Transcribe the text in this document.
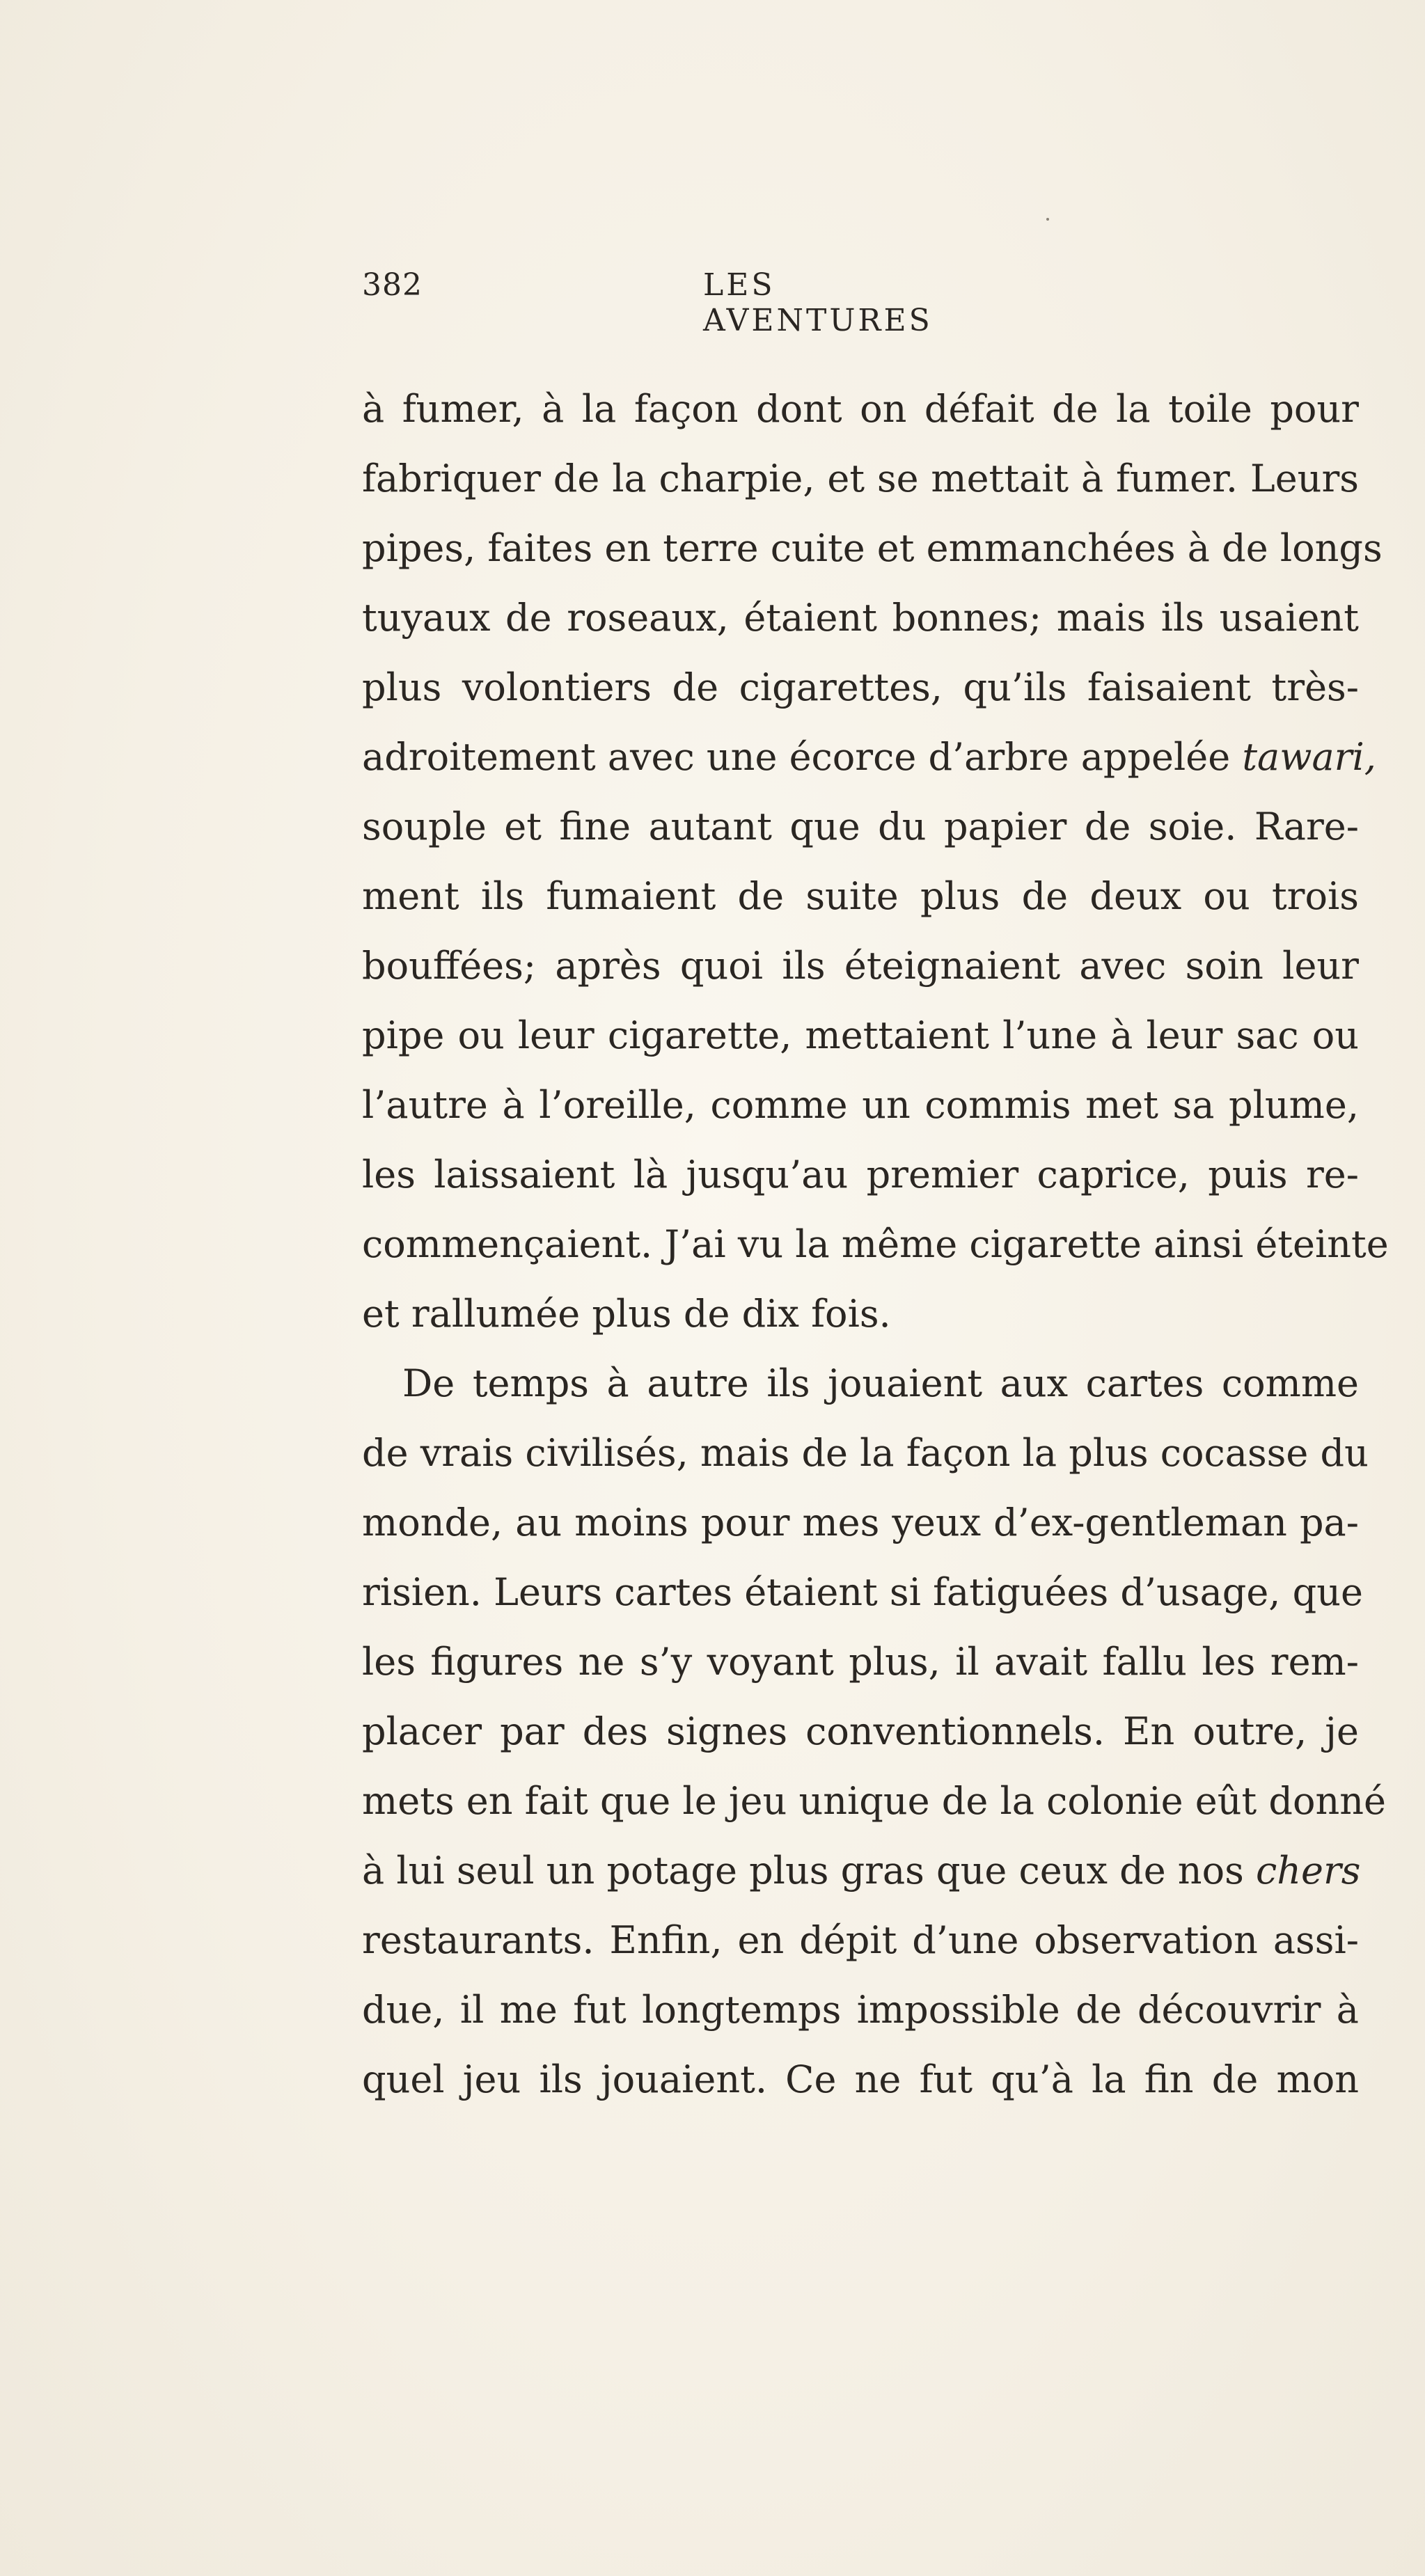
382	LES AVENTURES
à fumer, à la façon dont on défait de la toile pour
fabriquer de la charpie, et se mettait à fumer. Leurs
pipes, faites en terre cuite et emmanchées à de longs
tuyaux de roseaux, étaient bonnes; mais ils usaient
plus volontiers de cigarettes, qu’ils faisaient très-
adroitement avec une écorce d’arbre appelée tawari,
souple et fine autant que du papier de soie. Rare-
ment ils fumaient de suite plus de deux ou trois
bouffées; après quoi ils éteignaient avec soin leur
pipe ou leur cigarette, mettaient l’une à leur sac ou
l’autre à l’oreille, comme un commis met sa plume,
les laissaient là jusqu’au premier caprice, puis re-
commençaient. J’ai vu la même cigarette ainsi éteinte
et rallumée plus de dix fois.
De temps à autre ils jouaient aux cartes comme
de vrais civilisés, mais de la façon la plus cocasse du
monde, au moins pour mes yeux d’ex-gentleman pa-
risien. Leurs cartes étaient si fatiguées d’usage, que
les figures ne s’y voyant plus, il avait fallu les rem-
placer par des signes conventionnels. En outre, je
mets en fait que le jeu unique de la colonie eût donné
à lui seul un potage plus gras que ceux de nos chers
restaurants. Enfin, en dépit d’une observation assi-
due, il me fut longtemps impossible de découvrir à
quel jeu ils jouaient. Ce ne fut qu’à la fin de mon
